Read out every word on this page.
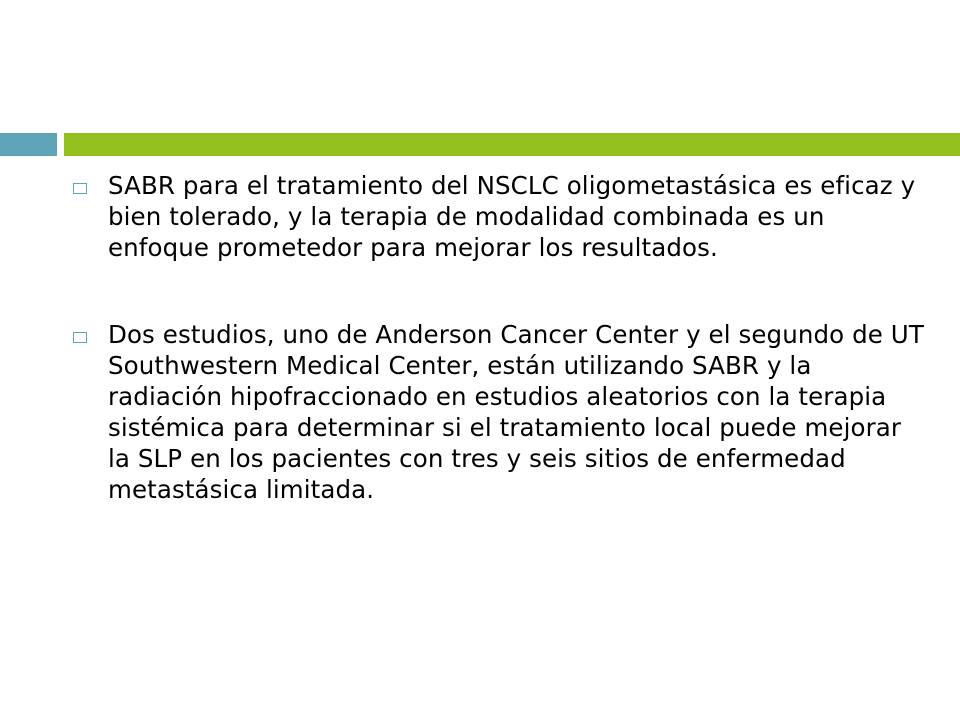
SABR para el tratamiento del NSCLC oligometastásica es eficaz y bien tolerado, y la terapia de modalidad combinada es un enfoque prometedor para mejorar los resultados.
Dos estudios, uno de Anderson Cancer Center y el segundo de UT Southwestern Medical Center, están utilizando SABR y la radiación hipofraccionado en estudios aleatorios con la terapia sistémica para determinar si el tratamiento local puede mejorar la SLP en los pacientes con tres y seis sitios de enfermedad metastásica limitada.
